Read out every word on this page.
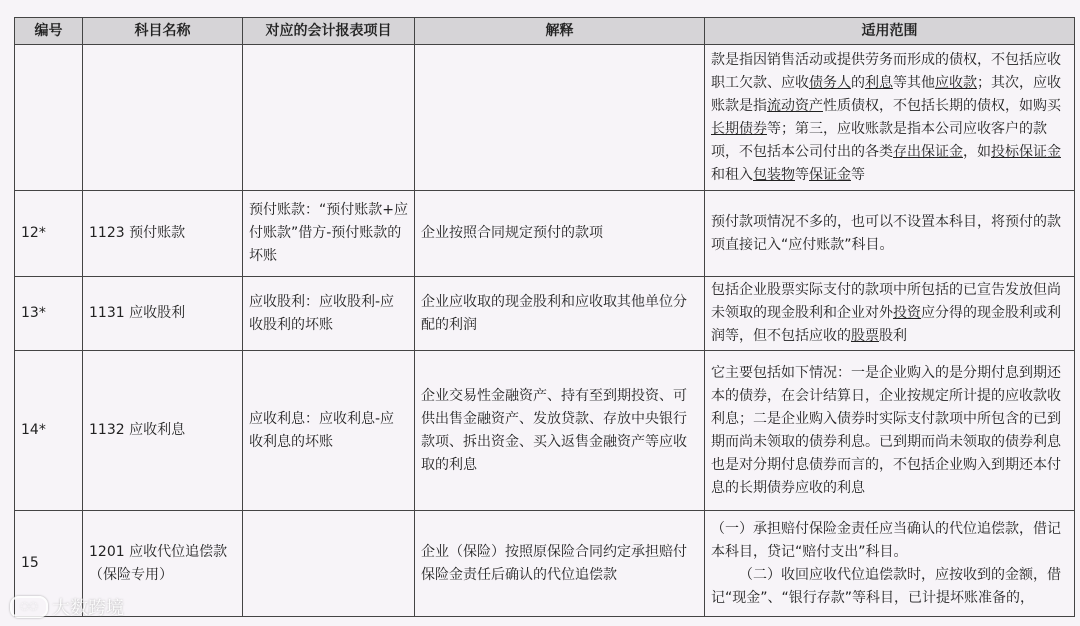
编号	科目名称	对应的会计报表项目	解释	适用范围
				款是指因销售活动或提供劳务而形成的债权，不包括应收职工欠款、应收债务人的利息等其他应收款；其次，应收账款是指流动资产性质债权，不包括长期的债权，如购买长期债券等；第三，应收账款是指本公司应收客户的款项，不包括本公司付出的各类存出保证金，如投标保证金和租入包装物等保证金等
12*	1123 预付账款	预付账款：“预付账款+应付账款”借方-预付账款的坏账	企业按照合同规定预付的款项	预付款项情况不多的，也可以不设置本科目，将预付的款项直接记入“应付账款”科目。
13*	1131 应收股利	应收股利：应收股利-应收股利的坏账	企业应收取的现金股利和应收取其他单位分配的利润	包括企业股票实际支付的款项中所包括的已宣告发放但尚未领取的现金股利和企业对外投资应分得的现金股利或利润等，但不包括应收的股票股利
14*	1132 应收利息	应收利息：应收利息-应收利息的坏账	企业交易性金融资产、持有至到期投资、可供出售金融资产、发放贷款、存放中央银行款项、拆出资金、买入返售金融资产等应收取的利息	它主要包括如下情况：一是企业购入的是分期付息到期还本的债券，在会计结算日，企业按规定所计提的应收款收利息；二是企业购入债券时实际支付款项中所包含的已到期而尚未领取的债券利息。已到期而尚未领取的债券利息也是对分期付息债券而言的，不包括企业购入到期还本付息的长期债券应收的利息
15	1201 应收代位追偿款（保险专用）		企业（保险）按照原保险合同约定承担赔付保险金责任后确认的代位追偿款	（一）承担赔付保险金责任应当确认的代位追偿款，借记本科目，贷记“赔付支出”科目。
（二）收回应收代位追偿款时，应按收到的金额，借记“现金”、“银行存款”等科目，已计提坏账准备的，
◌◌ 大数跨境
